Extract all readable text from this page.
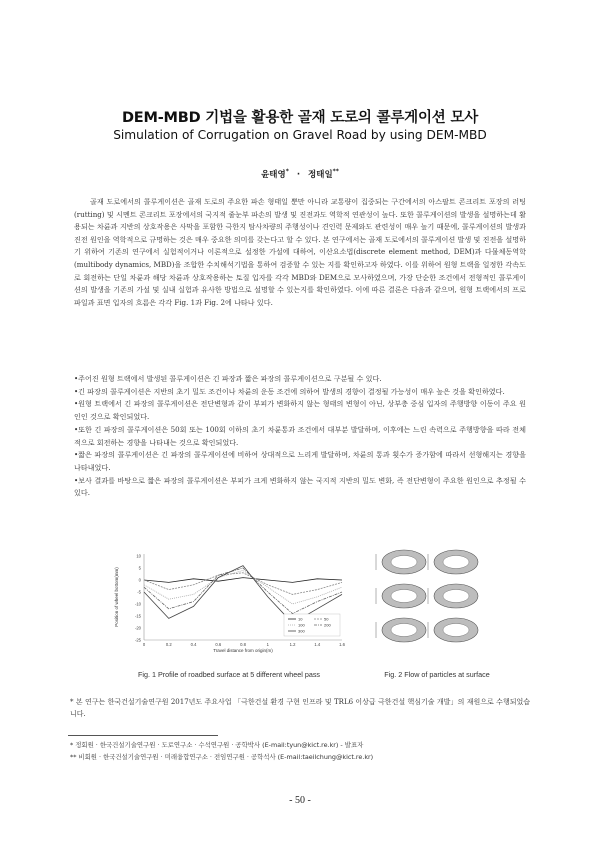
DEM-MBD 기법을 활용한 골재 도로의 콜루게이션 모사
Simulation of Corrugation on Gravel Road by using DEM-MBD
윤태영* · 정태일**

골재 도로에서의 콜루게이션은 골재 도로의 주요한 파손 형태일 뿐만 아니라 교통량이 집중되는 구간에서의 아스팔트 콘크리트 포장의 러팅(rutting) 및 시멘트 콘크리트 포장에서의 국지적 줄눈부 파손의 발생 및 진전과도 역학적 연관성이 높다. 또한 콜루게이션의 발생을 설명하는데 활용되는 차륜과 지반의 상호작용은 사막을 포함한 극한지 탐사차량의 주행성이나 견인력 문제와도 관련성이 매우 높기 때문에, 콜루게이션의 발생과 진전 원인을 역학적으로 규명하는 것은 매우 중요한 의미를 갖는다고 할 수 있다. 본 연구에서는 골재 도로에서의 콜루게이션 발생 및 진전을 설명하기 위하여 기존의 연구에서 실험적이거나 이론적으로 설정한 가설에 대하여, 이산요소법(discrete element method, DEM)과 다물체동역학(multibody dynamics, MBD)을 조합한 수치해석기법을 통하여 검증할 수 있는 지를 확인하고자 하였다. 이를 위하여 원형 트랙을 일정한 각속도로 회전하는 단일 차륜과 해당 차륜과 상호작용하는 토질 입자를 각각 MBD와 DEM으로 모사하였으며, 가장 단순한 조건에서 전형적인 콜루게이션의 발생을 기존의 가설 및 실내 실험과 유사한 방법으로 설명할 수 있는지를 확인하였다. 이에 따른 결론은 다음과 같으며, 원형 트랙에서의 프로파일과 표면 입자의 흐름은 각각 Fig. 1과 Fig. 2에 나타나 있다.

•주어진 원형 트랙에서 발생된 콜루게이션은 긴 파장과 짧은 파장의 콜루게이션으로 구분될 수 있다.

•긴 파장의 콜루게이션은 지반의 초기 밀도 조건이나 차륜의 운동 조건에 의하여 발생의 경향이 결정될 가능성이 매우 높은 것을 확인하였다.

•원형 트랙에서 긴 파장의 콜루게이션은 전단변형과 같이 부피가 변화하지 않는 형태의 변형이 아닌, 상부층 중심 입자의 주행방향 이동이 주요 원인인 것으로 확인되었다.

•또한 긴 파장의 콜루게이션은 50회 또는 100회 이하의 초기 차륜통과 조건에서 대부분 발달하며, 이후에는 느린 속력으로 주행방향을 따라 전체적으로 회전하는 경향을 나타내는 것으로 확인되었다.

•짧은 파장의 콜루게이션은 긴 파장의 콜루게이션에 비하여 상대적으로 느리게 발달하며, 차륜의 통과 횟수가 증가함에 따라서 선형해지는 경향을 나타내었다.

•보사 결과를 바탕으로 짧은 파장의 콜루게이션은 부피가 크게 변화하지 않는 국지적 지반의 밀도 변화, 즉 전단변형이 주요한 원인으로 추정될 수 있다.

10
5
0
-5
-10
-15
-20
-25
0	0.2	0.4	0.6	0.8	1	1.2	1.4	1.6
Travel distance from origin(m)
Position of wheel bottom(mm)	10	50
100	200
300
Fig. 1 Profile of roadbed surface at 5 different wheel pass	Fig. 2 Flow of particles at surface

* 본 연구는 한국건설기술연구원 2017년도 주요사업 「극한건설 환경 구현 인프라 및 TRL6 이상급 극한건설 핵심기술 개발」의 재원으로 수행되었습니다.

* 정회원 · 한국건설기술연구원 · 도로연구소 · 수석연구원 · 공학박사 (E-mail:tyun@kict.re.kr) - 발표자
** 비회원 · 한국건설기술연구원 · 미래융합연구소 · 전임연구원 · 공학석사 (E-mail:taeilchung@kict.re.kr)
- 50 -
